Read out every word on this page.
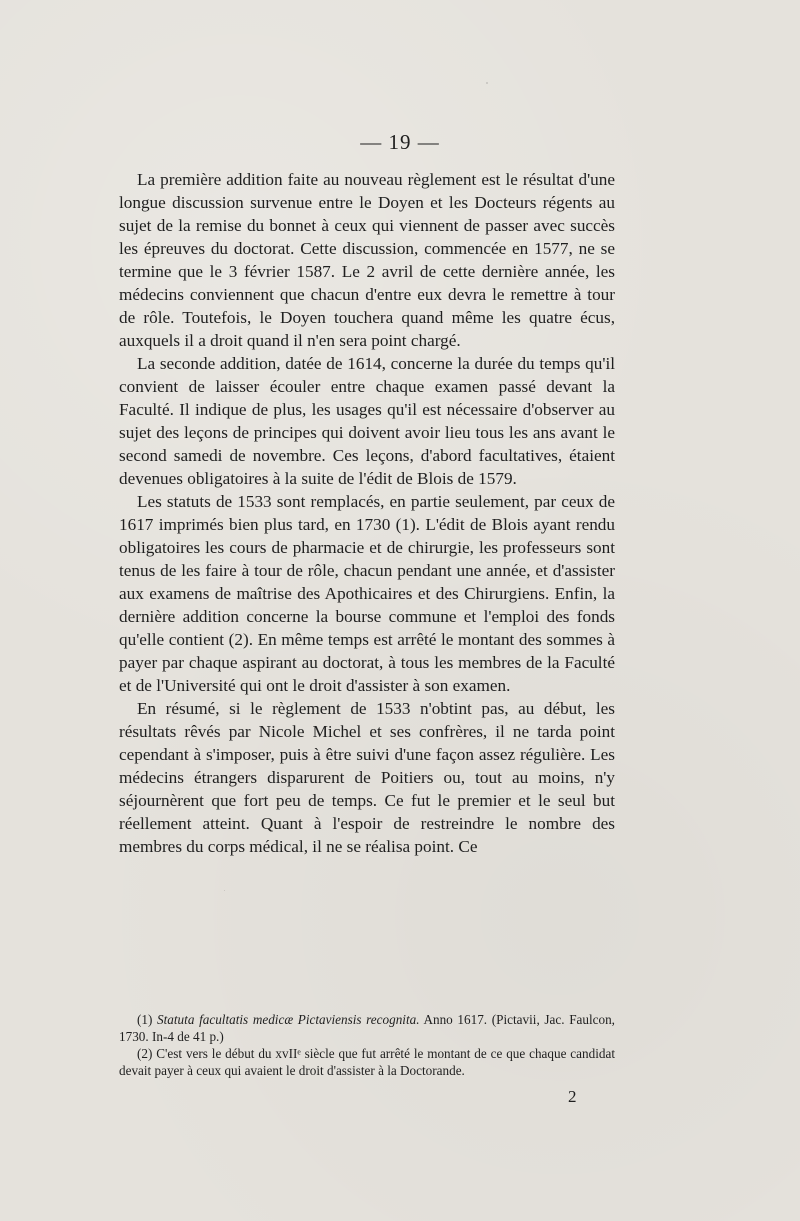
— 19 —

La première addition faite au nouveau règlement est le résultat d'une longue discussion survenue entre le Doyen et les Docteurs régents au sujet de la remise du bonnet à ceux qui viennent de passer avec succès les épreuves du doctorat. Cette discussion, commencée en 1577, ne se termine que le 3 février 1587. Le 2 avril de cette dernière année, les médecins conviennent que chacun d'entre eux devra le remettre à tour de rôle. Toutefois, le Doyen touchera quand même les quatre écus, auxquels il a droit quand il n'en sera point chargé.

La seconde addition, datée de 1614, concerne la durée du temps qu'il convient de laisser écouler entre chaque examen passé devant la Faculté. Il indique de plus, les usages qu'il est nécessaire d'observer au sujet des leçons de principes qui doivent avoir lieu tous les ans avant le second samedi de novembre. Ces leçons, d'abord facultatives, étaient devenues obligatoires à la suite de l'édit de Blois de 1579.

Les statuts de 1533 sont remplacés, en partie seulement, par ceux de 1617 imprimés bien plus tard, en 1730 (1). L'édit de Blois ayant rendu obligatoires les cours de pharmacie et de chirurgie, les professeurs sont tenus de les faire à tour de rôle, chacun pendant une année, et d'assister aux examens de maîtrise des Apothicaires et des Chirurgiens. Enfin, la dernière addition concerne la bourse commune et l'emploi des fonds qu'elle contient (2). En même temps est arrêté le montant des sommes à payer par chaque aspirant au doctorat, à tous les membres de la Faculté et de l'Université qui ont le droit d'assister à son examen.

En résumé, si le règlement de 1533 n'obtint pas, au début, les résultats rêvés par Nicole Michel et ses confrères, il ne tarda point cependant à s'imposer, puis à être suivi d'une façon assez régulière. Les médecins étrangers disparurent de Poitiers ou, tout au moins, n'y séjournèrent que fort peu de temps. Ce fut le premier et le seul but réellement atteint. Quant à l'espoir de restreindre le nombre des membres du corps médical, il ne se réalisa point. Ce

(1) Statuta facultatis medicæ Pictaviensis recognita. Anno 1617. (Pictavii, Jac. Faulcon, 1730. In-4 de 41 p.)

(2) C'est vers le début du xvIIᵉ siècle que fut arrêté le montant de ce que chaque candidat devait payer à ceux qui avaient le droit d'assister à la Doctorande.

2
